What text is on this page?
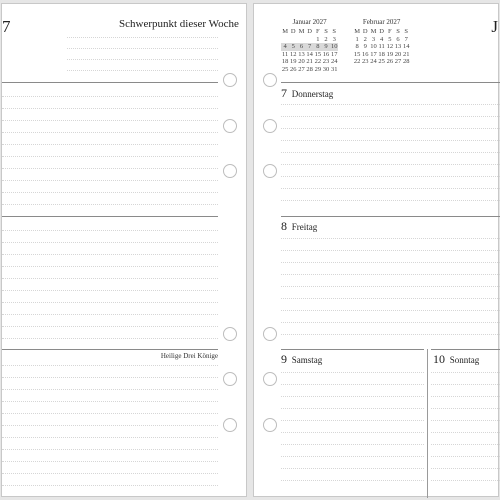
7	Schwerpunkt dieser Woche
Heilige Drei Könige
J
Januar 2027
M	D	M	D	F	S	S
				1	2	3
4	5	6	7	8	9	10
11	12	13	14	15	16	17
18	19	20	21	22	23	24
25	26	27	28	29	30	31
Februar 2027
M	D	M	D	F	S	S
1	2	3	4	5	6	7
8	9	10	11	12	13	14
15	16	17	18	19	20	21
22	23	24	25	26	27	28
7 Donnerstag
8 Freitag
9 Samstag	10 Sonntag
